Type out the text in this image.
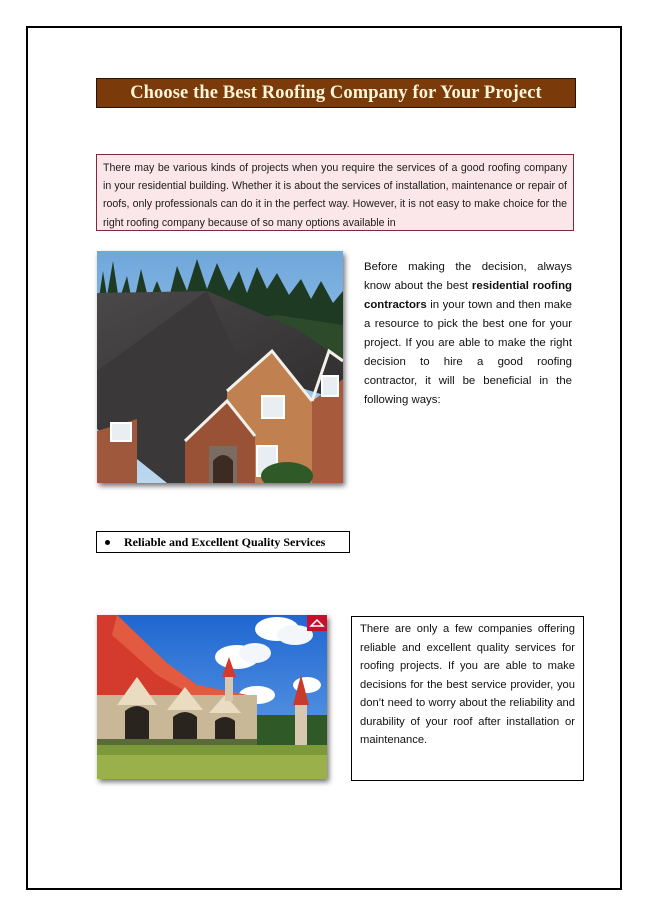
Choose the Best Roofing Company for Your Project

There may be various kinds of projects when you require the services of a good roofing company in your residential building. Whether it is about the services of installation, maintenance or repair of roofs, only professionals can do it in the perfect way. However, it is not easy to make choice for the right roofing company because of so many options available in

Before making the decision, always know about the best residential roofing contractors in your town and then make a resource to pick the best one for your project. If you are able to make the right decision to hire a good roofing contractor, it will be beneficial in the following ways:

Reliable and Excellent Quality Services

There are only a few companies offering reliable and excellent quality services for roofing projects. If you are able to make decisions for the best service provider, you don’t need to worry about the reliability and durability of your roof after installation or maintenance.
